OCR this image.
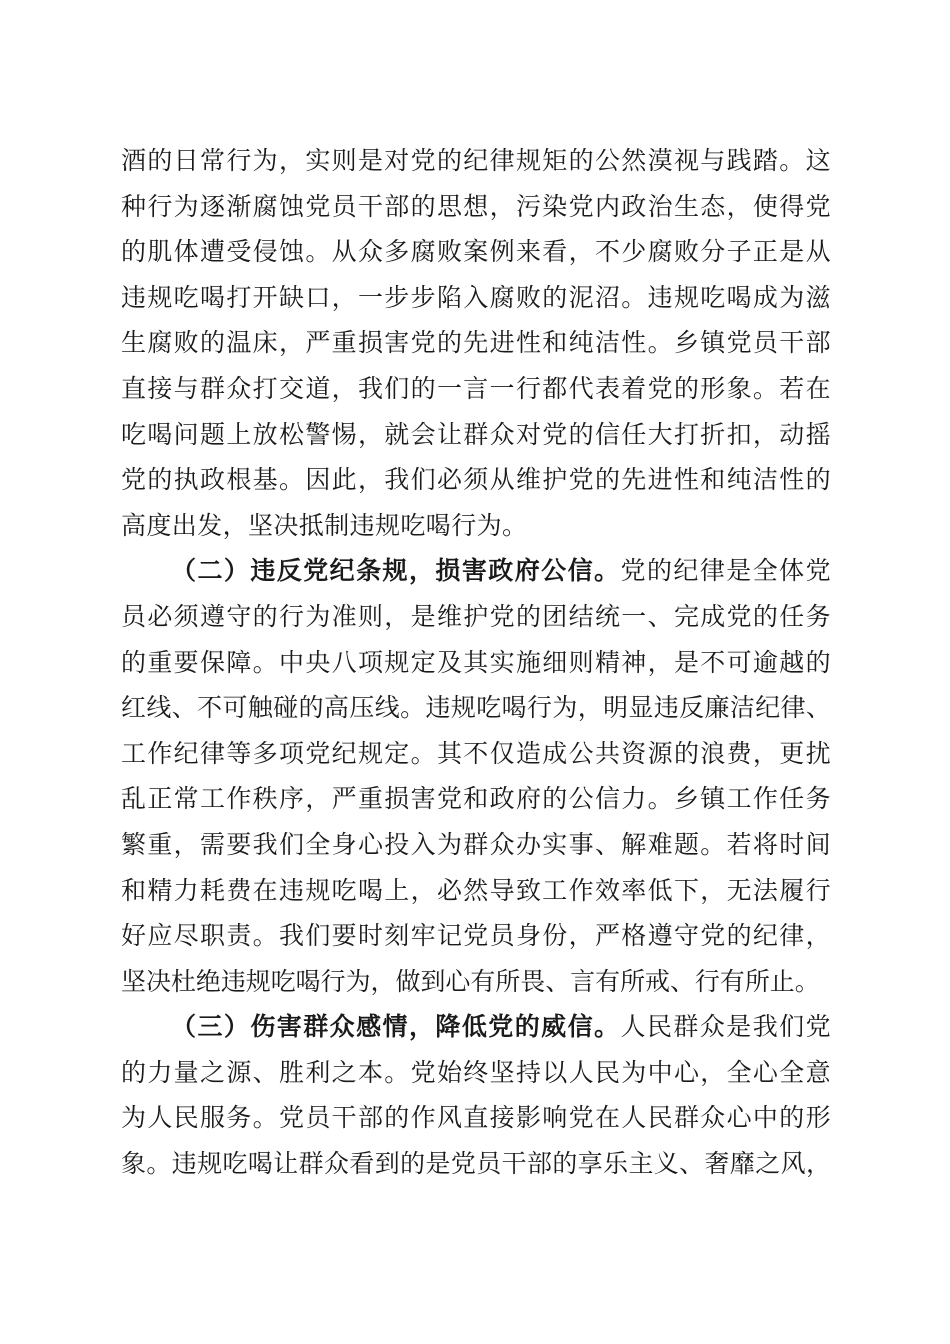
酒的日常行为，实则是对党的纪律规矩的公然漠视与践踏。这
种行为逐渐腐蚀党员干部的思想，污染党内政治生态，使得党
的肌体遭受侵蚀。从众多腐败案例来看，不少腐败分子正是从
违规吃喝打开缺口，一步步陷入腐败的泥沼。违规吃喝成为滋
生腐败的温床，严重损害党的先进性和纯洁性。乡镇党员干部
直接与群众打交道，我们的一言一行都代表着党的形象。若在
吃喝问题上放松警惕，就会让群众对党的信任大打折扣，动摇
党的执政根基。因此，我们必须从维护党的先进性和纯洁性的
高度出发，坚决抵制违规吃喝行为。
（二）违反党纪条规，损害政府公信。党的纪律是全体党
员必须遵守的行为准则，是维护党的团结统一、完成党的任务
的重要保障。中央八项规定及其实施细则精神，是不可逾越的
红线、不可触碰的高压线。违规吃喝行为，明显违反廉洁纪律、
工作纪律等多项党纪规定。其不仅造成公共资源的浪费，更扰
乱正常工作秩序，严重损害党和政府的公信力。乡镇工作任务
繁重，需要我们全身心投入为群众办实事、解难题。若将时间
和精力耗费在违规吃喝上，必然导致工作效率低下，无法履行
好应尽职责。我们要时刻牢记党员身份，严格遵守党的纪律，
坚决杜绝违规吃喝行为，做到心有所畏、言有所戒、行有所止。
（三）伤害群众感情，降低党的威信。人民群众是我们党
的力量之源、胜利之本。党始终坚持以人民为中心，全心全意
为人民服务。党员干部的作风直接影响党在人民群众心中的形
象。违规吃喝让群众看到的是党员干部的享乐主义、奢靡之风，
